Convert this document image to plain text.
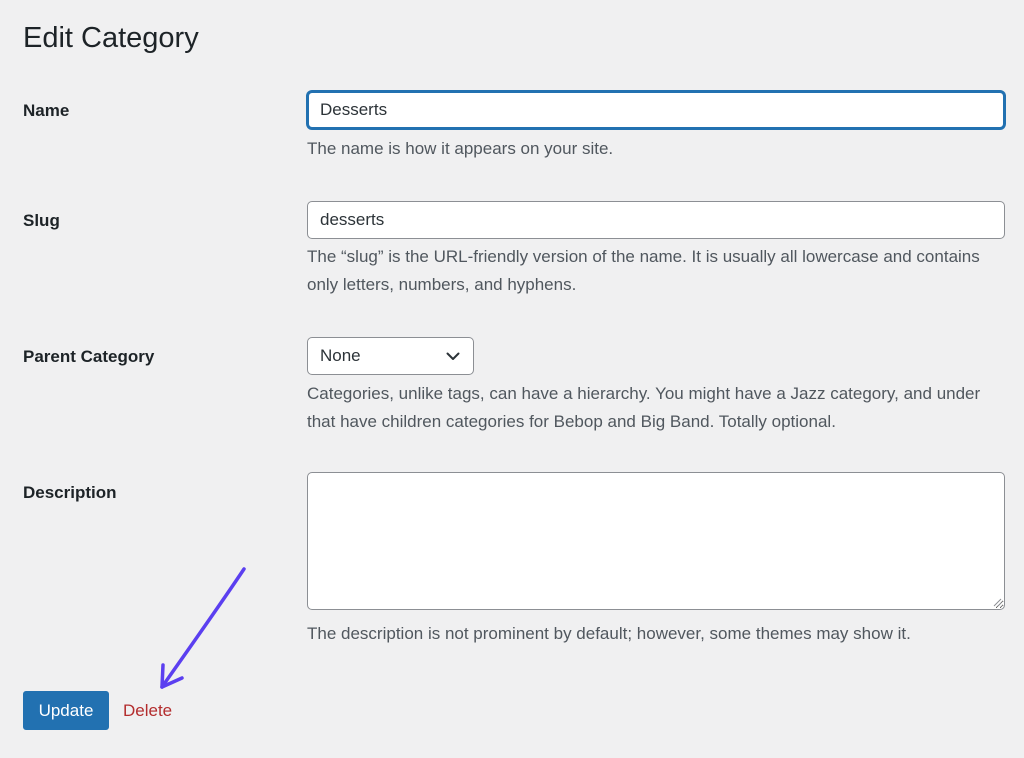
Edit Category
Name
Desserts

The name is how it appears on your site.

Slug
desserts

The “slug” is the URL-friendly version of the name. It is usually all lowercase and contains only letters, numbers, and hyphens.

Parent Category	None

Categories, unlike tags, can have a hierarchy. You might have a Jazz category, and under that have children categories for Bebop and Big Band. Totally optional.

Description

The description is not prominent by default; however, some themes may show it.

Update	Delete
